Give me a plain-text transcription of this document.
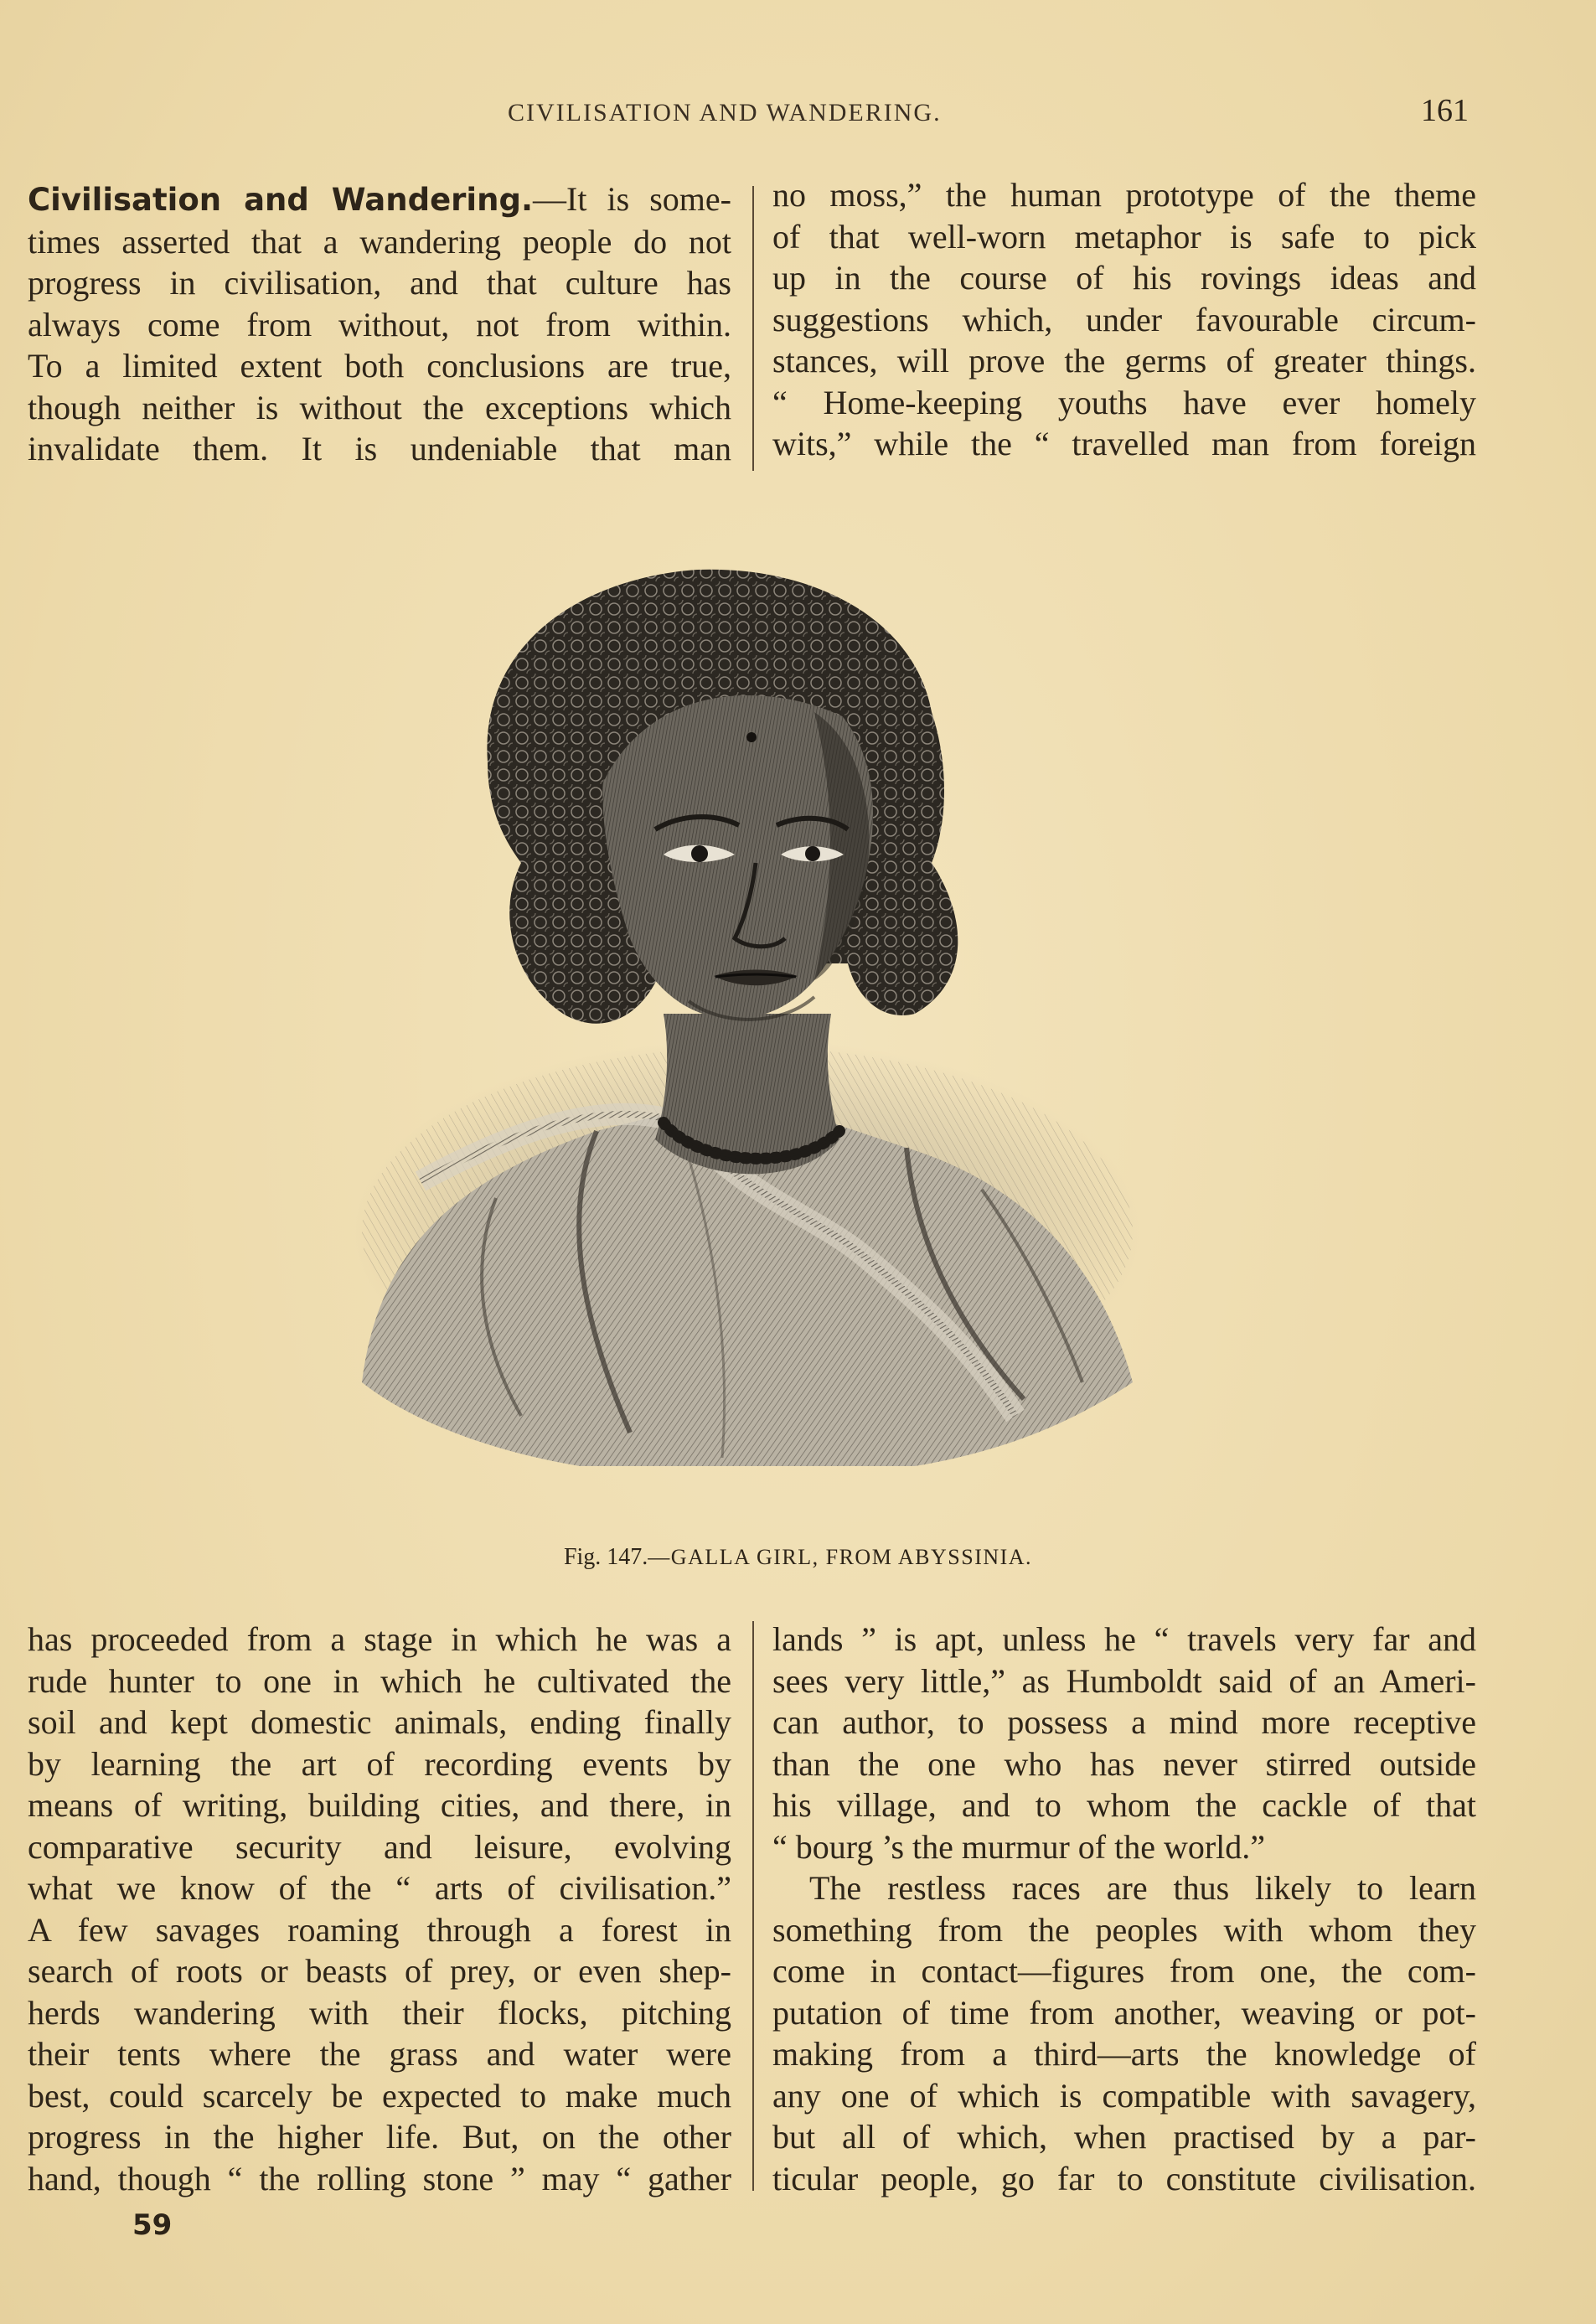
CIVILISATION AND WANDERING.	161
Civilisation and Wandering.—It is some-
times asserted that a wandering people do not
progress in civilisation, and that culture has
always come from without, not from within.
To a limited extent both conclusions are true,
though neither is without the exceptions which
invalidate them. It is undeniable that man
no moss,” the human prototype of the theme
of that well-worn metaphor is safe to pick
up in the course of his rovings ideas and
suggestions which, under favourable circum-
stances, will prove the germs of greater things.
“ Home-keeping youths have ever homely
wits,” while the “ travelled man from foreign
Fig. 147.—GALLA GIRL, FROM ABYSSINIA.
has proceeded from a stage in which he was a
rude hunter to one in which he cultivated the
soil and kept domestic animals, ending finally
by learning the art of recording events by
means of writing, building cities, and there, in
comparative security and leisure, evolving
what we know of the “ arts of civilisation.”
A few savages roaming through a forest in
search of roots or beasts of prey, or even shep-
herds wandering with their flocks, pitching
their tents where the grass and water were
best, could scarcely be expected to make much
progress in the higher life. But, on the other
hand, though “ the rolling stone ” may “ gather
lands ” is apt, unless he “ travels very far and
sees very little,” as Humboldt said of an Ameri-
can author, to possess a mind more receptive
than the one who has never stirred outside
his village, and to whom the cackle of that
“ bourg ’s the murmur of the world.”
The restless races are thus likely to learn
something from the peoples with whom they
come in contact—figures from one, the com-
putation of time from another, weaving or pot-
making from a third—arts the knowledge of
any one of which is compatible with savagery,
but all of which, when practised by a par-
ticular people, go far to constitute civilisation.
59
